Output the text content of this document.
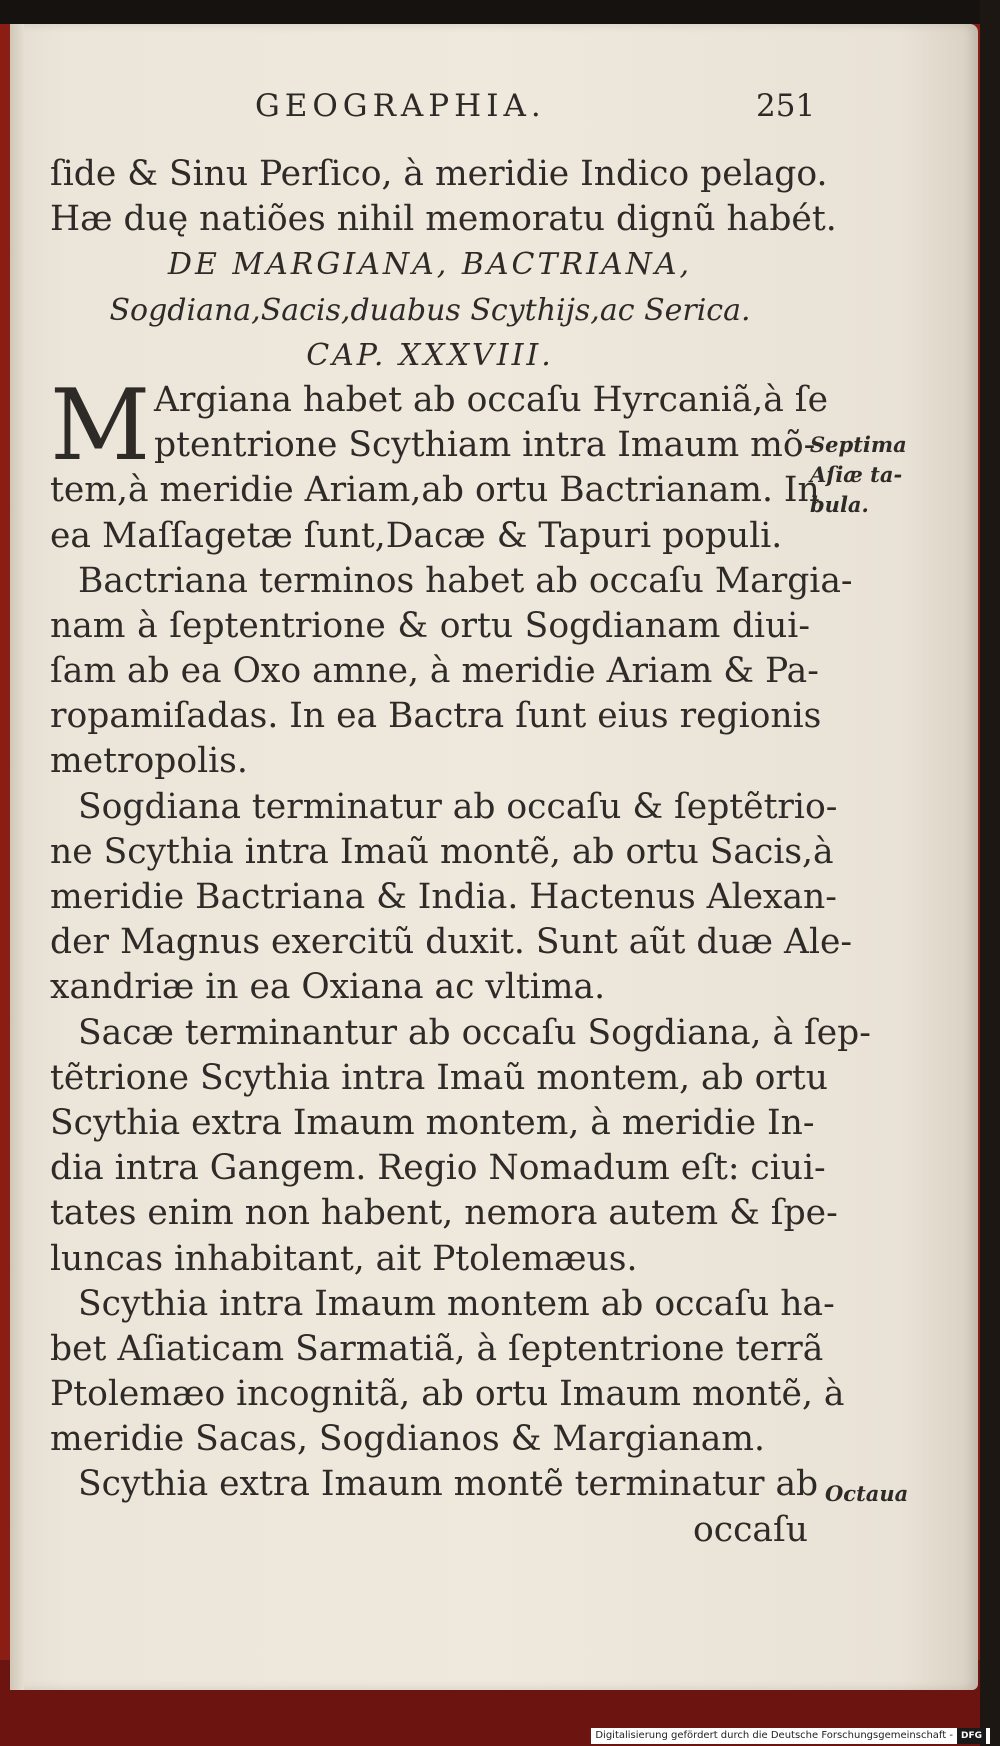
GEOGRAPHIA.	251
ſide & Sinu Perſico, à meridie Indico pelago.
Hæ duę natiões nihil memoratu dignũ habét.
DE MARGIANA, BACTRIANA,
Sogdiana,Sacis,duabus Scythijs,ac Serica.
CAP. XXXVIII.
M Argiana habet ab occaſu Hyrcaniã,à ſe
ptentrione Scythiam intra Imaum mõ-
tem,à meridie Ariam,ab ortu Bactrianam. In
ea Maſſagetæ ſunt,Dacæ & Tapuri populi.
Bactriana terminos habet ab occaſu Margia-
nam à ſeptentrione & ortu Sogdianam diui-
ſam ab ea Oxo amne, à meridie Ariam & Pa-
ropamiſadas. In ea Bactra ſunt eius regionis
metropolis.
Sogdiana terminatur ab occaſu & ſeptẽtrio-
ne Scythia intra Imaũ montẽ, ab ortu Sacis,à
meridie Bactriana & India. Hactenus Alexan-
der Magnus exercitũ duxit. Sunt aũt duæ Ale-
xandriæ in ea Oxiana ac vltima.
Sacæ terminantur ab occaſu Sogdiana, à ſep-
tẽtrione Scythia intra Imaũ montem, ab ortu
Scythia extra Imaum montem, à meridie In-
dia intra Gangem. Regio Nomadum eſt: ciui-
tates enim non habent, nemora autem & ſpe-
luncas inhabitant, ait Ptolemæus.
Scythia intra Imaum montem ab occaſu ha-
bet Aſiaticam Sarmatiã, à ſeptentrione terrã
Ptolemæo incognitã, ab ortu Imaum montẽ, à
meridie Sacas, Sogdianos & Margianam.
Scythia extra Imaum montẽ terminatur ab
occaſu
Septima
Aſiæ ta-
bula.
Octaua
Digitalisierung gefördert durch die Deutsche Forschungsgemeinschaft - DFG
